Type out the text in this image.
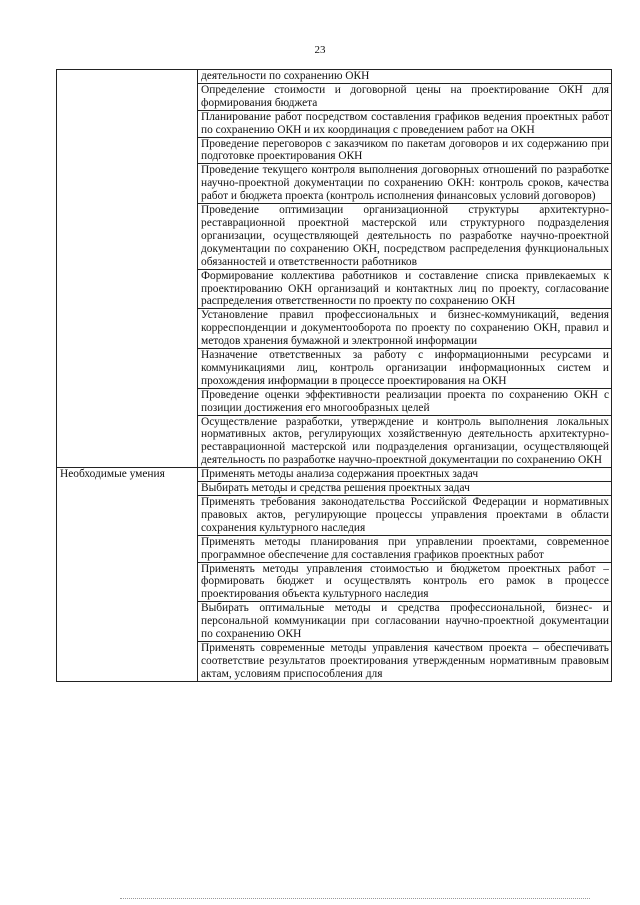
23
	деятельности по сохранению ОКН
	Определение стоимости и договорной цены на проектирование ОКН для формирования бюджета
	Планирование работ посредством составления графиков ведения проектных работ по сохранению ОКН и их координация с проведением работ на ОКН
	Проведение переговоров с заказчиком по пакетам договоров и их содержанию при подготовке проектирования ОКН
	Проведение текущего контроля выполнения договорных отношений по разработке научно-проектной документации по сохранению ОКН: контроль сроков, качества работ и бюджета проекта (контроль исполнения финансовых условий договоров)
	Проведение оптимизации организационной структуры архитектурно-реставрационной проектной мастерской или структурного подразделения организации, осуществляющей деятельность по разработке научно-проектной документации по сохранению ОКН, посредством распределения функциональных обязанностей и ответственности работников
	Формирование коллектива работников и составление списка привлекаемых к проектированию ОКН организаций и контактных лиц по проекту, согласование распределения ответственности по проекту по сохранению ОКН
	Установление правил профессиональных и бизнес-коммуникаций, ведения корреспонденции и документооборота по проекту по сохранению ОКН, правил и методов хранения бумажной и электронной информации
	Назначение ответственных за работу с информационными ресурсами и коммуникациями лиц, контроль организации информационных систем и прохождения информации в процессе проектирования на ОКН
	Проведение оценки эффективности реализации проекта по сохранению ОКН с позиции достижения его многообразных целей
	Осуществление разработки, утверждение и контроль выполнения локальных нормативных актов, регулирующих хозяйственную деятельность архитектурно-реставрационной мастерской или подразделения организации, осуществляющей деятельность по разработке научно-проектной документации по сохранению ОКН

Необходимые умения	Применять методы анализа содержания проектных задач
	Выбирать методы и средства решения проектных задач
	Применять требования законодательства Российской Федерации и нормативных правовых актов, регулирующие процессы управления проектами в области сохранения культурного наследия
	Применять методы планирования при управлении проектами, современное программное обеспечение для составления графиков проектных работ
	Применять методы управления стоимостью и бюджетом проектных работ – формировать бюджет и осуществлять контроль его рамок в процессе проектирования объекта культурного наследия
	Выбирать оптимальные методы и средства профессиональной, бизнес- и персональной коммуникации при согласовании научно-проектной документации по сохранению ОКН
	Применять современные методы управления качеством проекта – обеспечивать соответствие результатов проектирования утвержденным нормативным правовым актам, условиям приспособления для
